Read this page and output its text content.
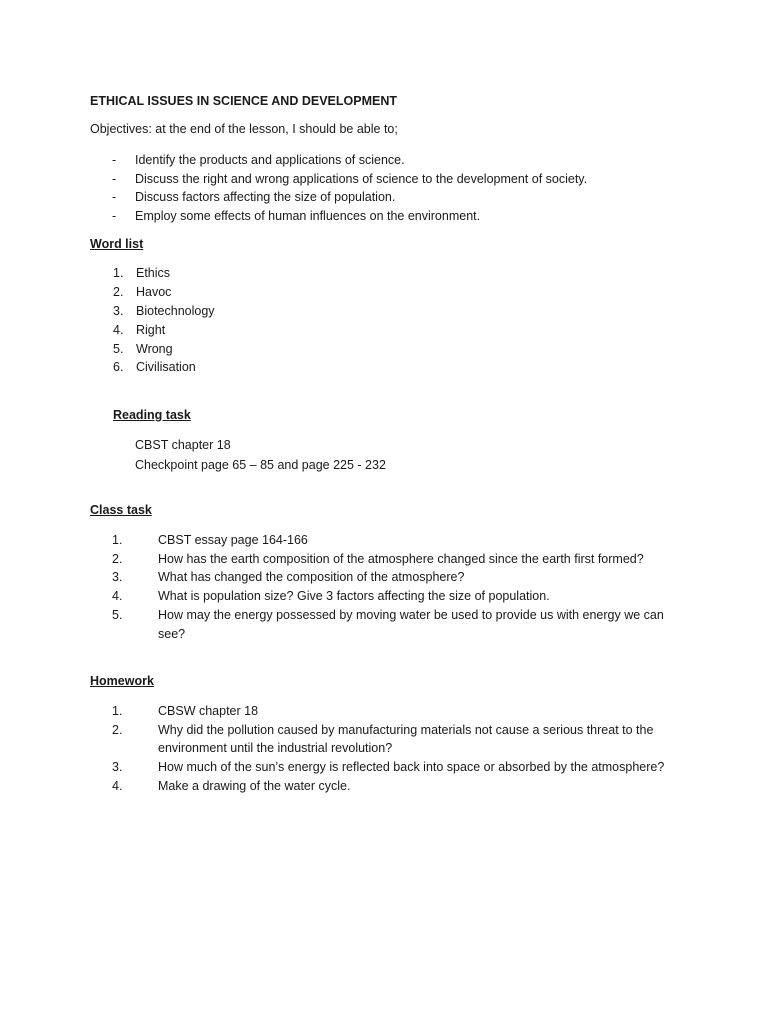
ETHICAL ISSUES IN SCIENCE AND DEVELOPMENT
Objectives: at the end of the lesson, I should be able to;
- Identify the products and applications of science.
- Discuss the right and wrong applications of science to the development of society.
- Discuss factors affecting the size of population.
- Employ some effects of human influences on the environment.
Word list
1. Ethics
2. Havoc
3. Biotechnology
4. Right
5. Wrong
6. Civilisation
Reading task
CBST chapter 18
Checkpoint page 65 – 85 and page 225 - 232
Class task
1.	CBST essay page 164-166
2.	How has the earth composition of the atmosphere changed since the earth first formed?
3.	What has changed the composition of the atmosphere?
4.	What is population size? Give 3 factors affecting the size of population.
5.	How may the energy possessed by moving water be used to provide us with energy we can see?
Homework
1.	CBSW chapter 18
2.	Why did the pollution caused by manufacturing materials not cause a serious threat to the environment until the industrial revolution?
3.	How much of the sun’s energy is reflected back into space or absorbed by the atmosphere?
4.	Make a drawing of the water cycle.
